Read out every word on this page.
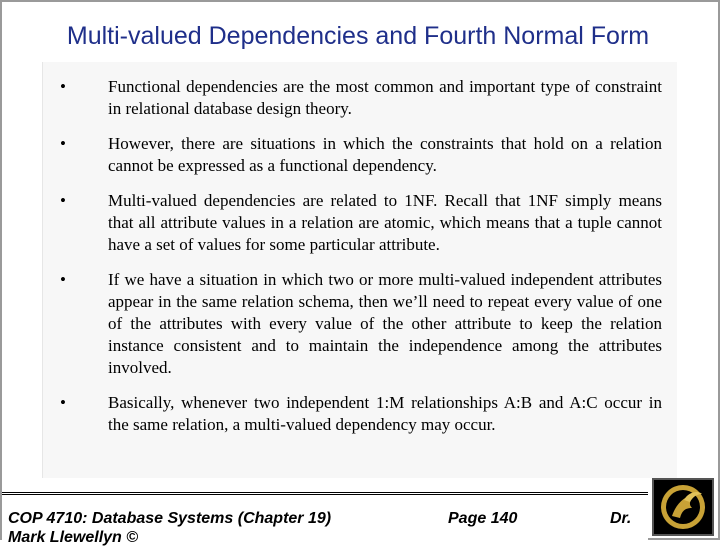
Multi-valued Dependencies and Fourth Normal Form
•	Functional dependencies are the most common and important type of constraint in relational database design theory.
•	However, there are situations in which the constraints that hold on a relation cannot be expressed as a functional dependency.
•	Multi-valued dependencies are related to 1NF. Recall that 1NF simply means that all attribute values in a relation are atomic, which means that a tuple cannot have a set of values for some particular attribute.
•	If we have a situation in which two or more multi-valued independent attributes appear in the same relation schema, then we’ll need to repeat every value of one of the attributes with every value of the other attribute to keep the relation instance consistent and to maintain the independence among the attributes involved.
•	Basically, whenever two independent 1:M relationships A:B and A:C occur in the same relation, a multi-valued dependency may occur.
COP 4710: Database Systems (Chapter 19)	Page 140	Dr.
Mark Llewellyn ©
